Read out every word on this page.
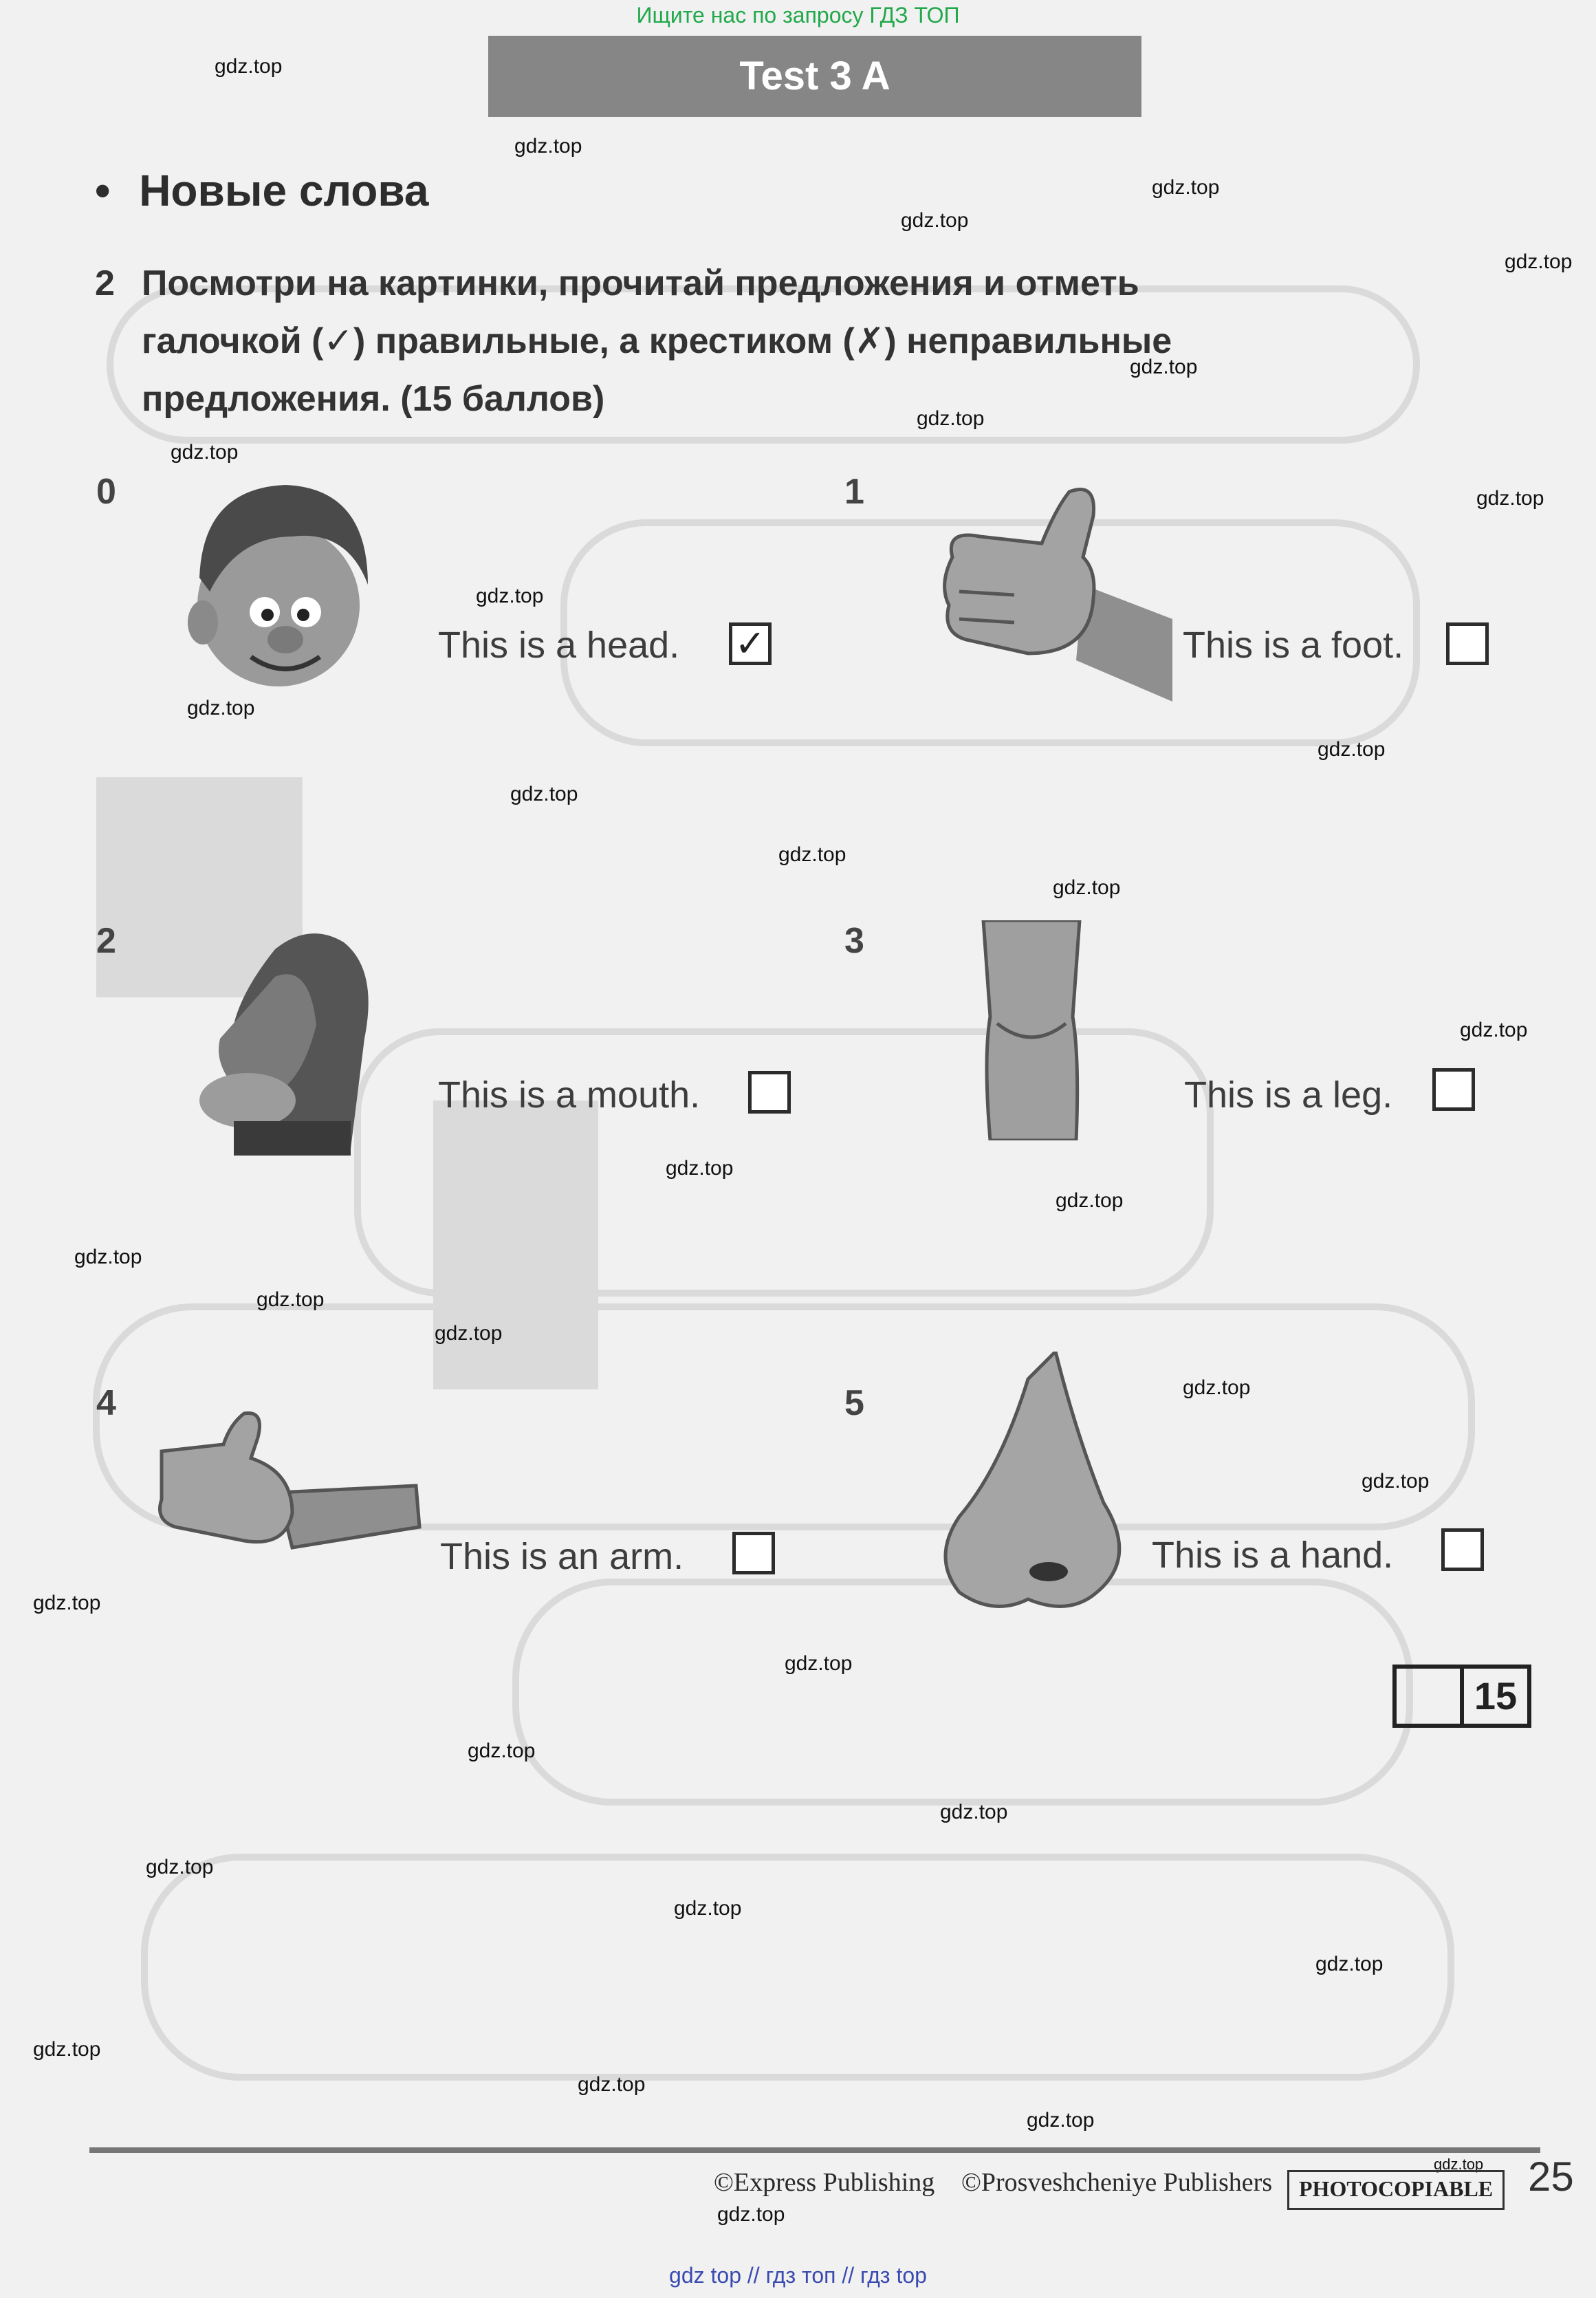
Ищите нас по запросу ГДЗ ТОП
Test 3 A
• Новые слова
2 Посмотри на картинки, прочитай предложения и отметь
галочкой (✓) правильные, а крестиком (✗) неправильные
предложения. (15 баллов)
0
This is a head. ✓
1
This is a foot.
2
This is a mouth.
3
This is a leg.
4
This is an arm.
5
This is a hand.
15
gdz.top
gdz.top
gdz.top
gdz.top
gdz.top
gdz.top
gdz.top
gdz.top
gdz.top
gdz.top
gdz.top
gdz.top
gdz.top
gdz.top
gdz.top
gdz.top
gdz.top
gdz.top
gdz.top
gdz.top
gdz.top
gdz.top
gdz.top
gdz.top
gdz.top
gdz.top
gdz.top
gdz.top
gdz.top
gdz.top
gdz.top
gdz.top
gdz.top
gdz.top
gdz.top
©Express Publishing ©Prosveshcheniye Publishers	PHOTOCOPIABLE 25
gdz top // гдз топ // гдз top
